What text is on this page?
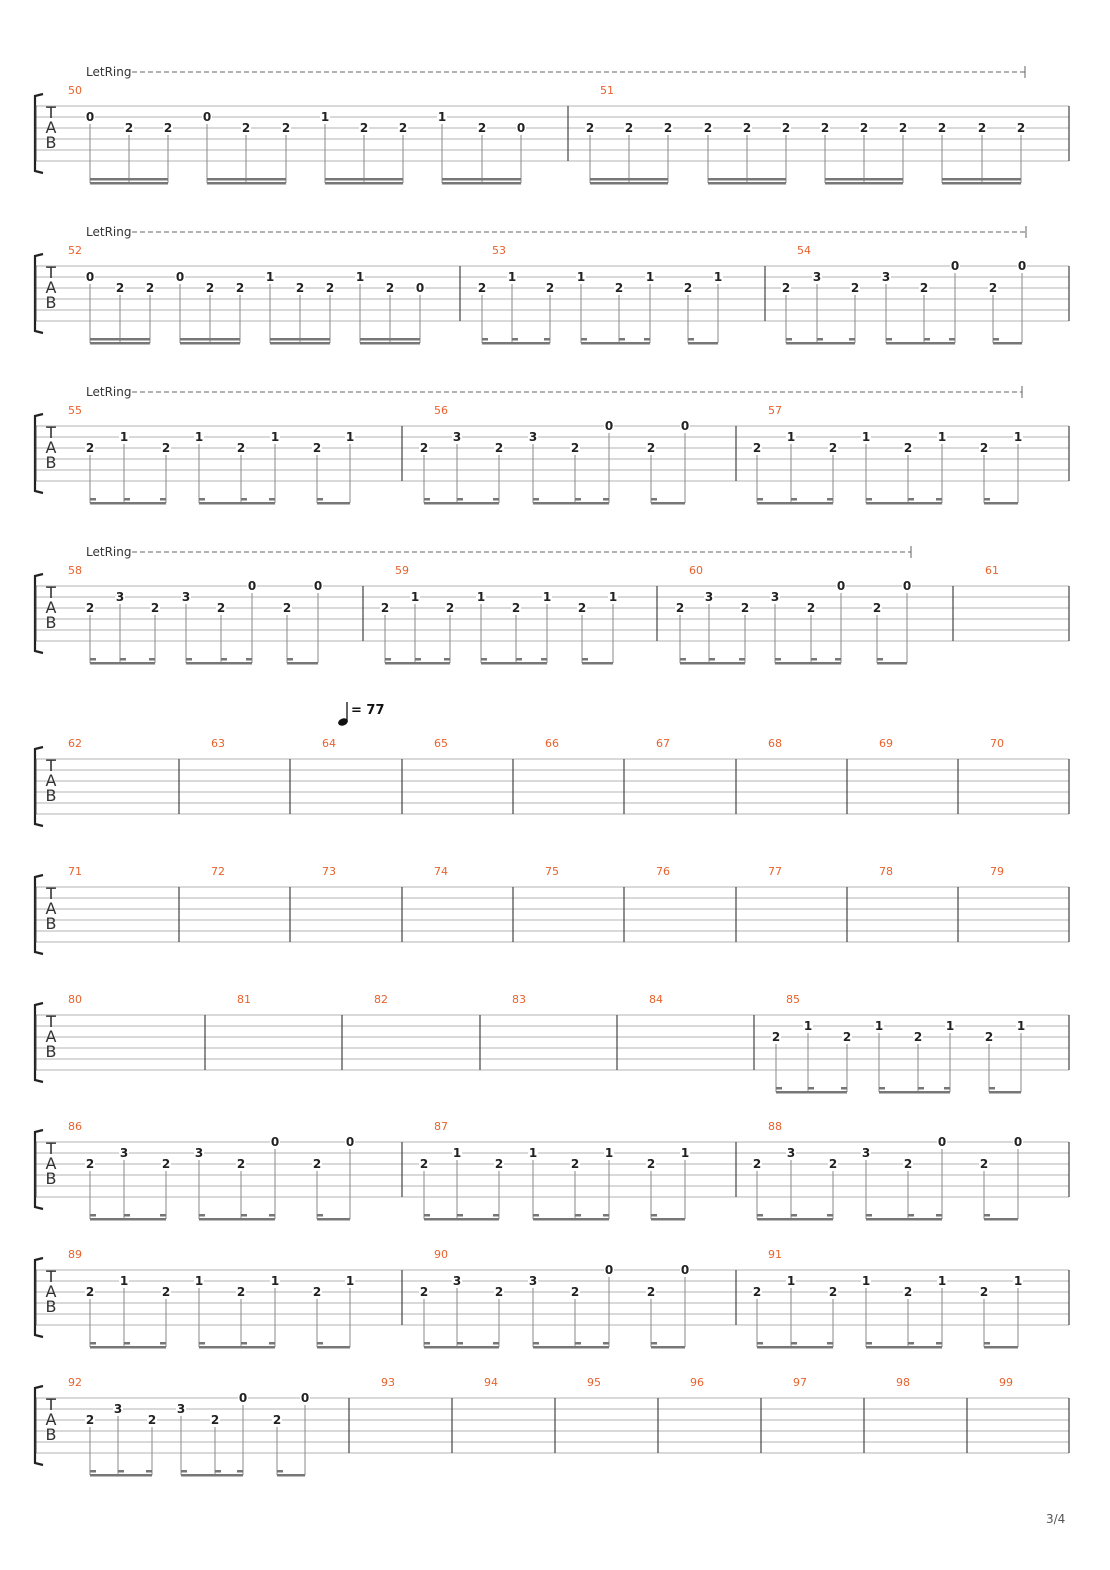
LetRing
T
A
B
50
0
2	2
0
2	2
1
2	2
1
2	0
51
2	2	2	2	2	2	2	2	2	2	2	2
LetRing
T
A
B
52
0
2 2
0
2 2
1
2 2
1
2 0
53
2
1
2
1
2
1
2
1
54
2
3
2
3
2
0
2
0
LetRing
T
A
B
55
2
1
2
1
2
1
2
1
56
2
3
2
3
2
0
2
0
57
2
1
2
1
2
1
2
1
LetRing
T
A
B
58
2
3
2
3
2
0
2
0
59
2
1
2
1
2
1
2
1
60
2
3
2
3
2
0
2
0
61
= 77
T
A
B
62	63	64	65	66	67	68	69	70
T
A
B
71	72	73	74	75	76	77	78	79
T
A
B
80	81	82	83	84	85
2
1
2
1
2
1
2
1
T
A
B
86
2
3
2
3
2
0
2
0
87
2
1
2
1
2
1
2
1
88
2
3
2
3
2
0
2
0
T
A
B
89
2
1
2
1
2
1
2
1
90
2
3
2
3
2
0
2
0
91
2
1
2
1
2
1
2
1
T
A
B
92
2
3
2
3
2
0
2
0
93	94	95	96	97	98	99
3/4
